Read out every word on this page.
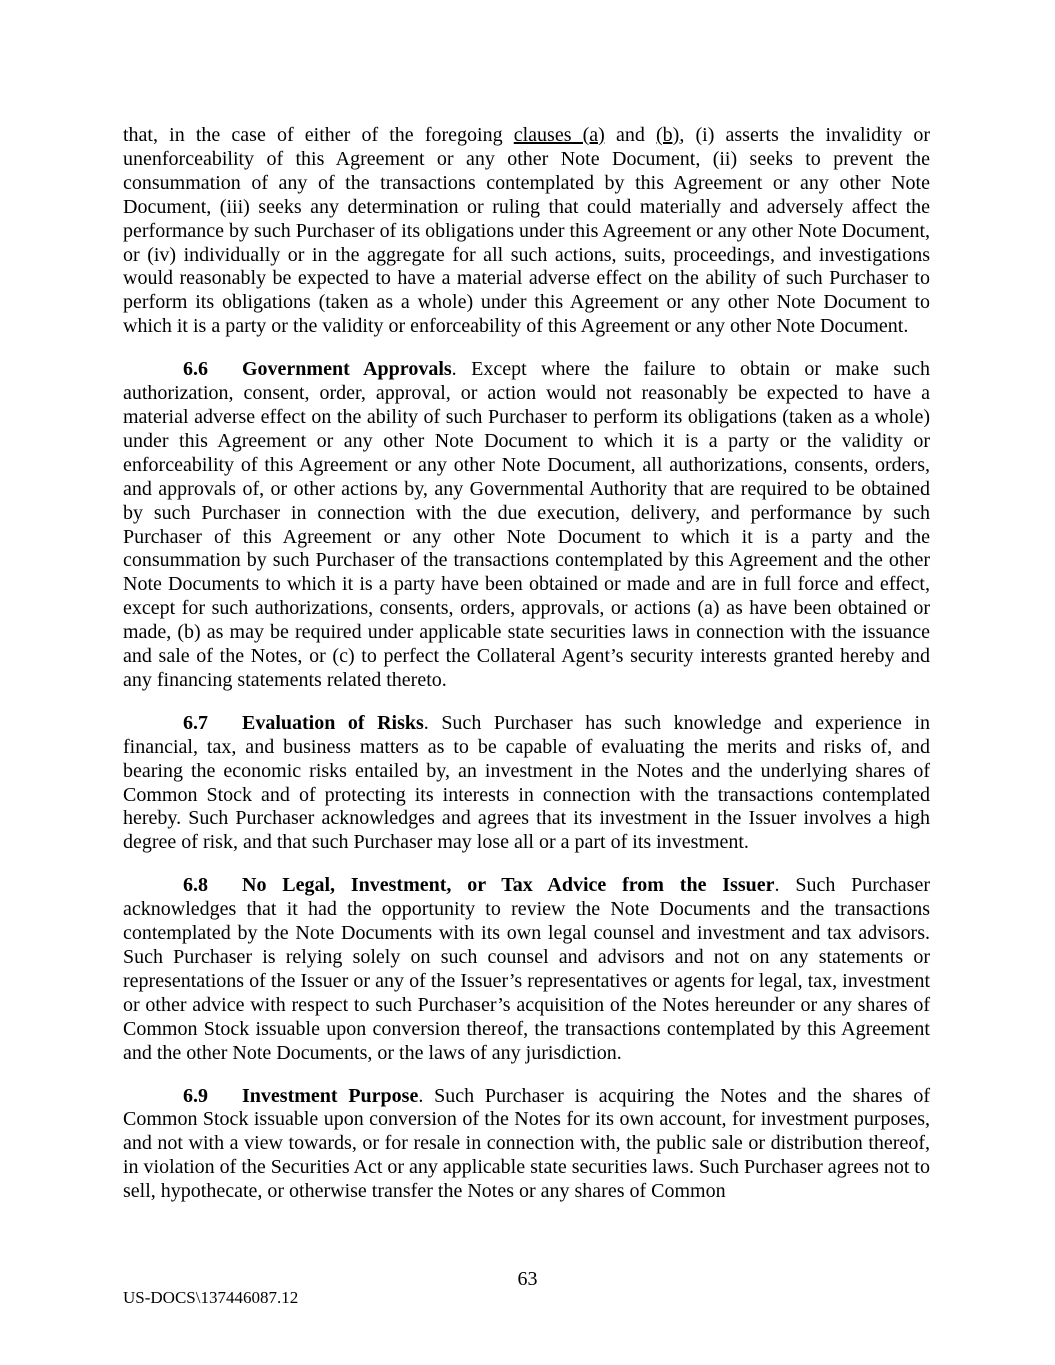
that, in the case of either of the foregoing clauses (a) and (b), (i) asserts the invalidity or unenforceability of this Agreement or any other Note Document, (ii) seeks to prevent the consummation of any of the transactions contemplated by this Agreement or any other Note Document, (iii) seeks any determination or ruling that could materially and adversely affect the performance by such Purchaser of its obligations under this Agreement or any other Note Document, or (iv) individually or in the aggregate for all such actions, suits, proceedings, and investigations would reasonably be expected to have a material adverse effect on the ability of such Purchaser to perform its obligations (taken as a whole) under this Agreement or any other Note Document to which it is a party or the validity or enforceability of this Agreement or any other Note Document.

6.6 Government Approvals. Except where the failure to obtain or make such authorization, consent, order, approval, or action would not reasonably be expected to have a material adverse effect on the ability of such Purchaser to perform its obligations (taken as a whole) under this Agreement or any other Note Document to which it is a party or the validity or enforceability of this Agreement or any other Note Document, all authorizations, consents, orders, and approvals of, or other actions by, any Governmental Authority that are required to be obtained by such Purchaser in connection with the due execution, delivery, and performance by such Purchaser of this Agreement or any other Note Document to which it is a party and the consummation by such Purchaser of the transactions contemplated by this Agreement and the other Note Documents to which it is a party have been obtained or made and are in full force and effect, except for such authorizations, consents, orders, approvals, or actions (a) as have been obtained or made, (b) as may be required under applicable state securities laws in connection with the issuance and sale of the Notes, or (c) to perfect the Collateral Agent’s security interests granted hereby and any financing statements related thereto.

6.7 Evaluation of Risks. Such Purchaser has such knowledge and experience in financial, tax, and business matters as to be capable of evaluating the merits and risks of, and bearing the economic risks entailed by, an investment in the Notes and the underlying shares of Common Stock and of protecting its interests in connection with the transactions contemplated hereby. Such Purchaser acknowledges and agrees that its investment in the Issuer involves a high degree of risk, and that such Purchaser may lose all or a part of its investment.

6.8 No Legal, Investment, or Tax Advice from the Issuer. Such Purchaser acknowledges that it had the opportunity to review the Note Documents and the transactions contemplated by the Note Documents with its own legal counsel and investment and tax advisors. Such Purchaser is relying solely on such counsel and advisors and not on any statements or representations of the Issuer or any of the Issuer’s representatives or agents for legal, tax, investment or other advice with respect to such Purchaser’s acquisition of the Notes hereunder or any shares of Common Stock issuable upon conversion thereof, the transactions contemplated by this Agreement and the other Note Documents, or the laws of any jurisdiction.

6.9 Investment Purpose. Such Purchaser is acquiring the Notes and the shares of Common Stock issuable upon conversion of the Notes for its own account, for investment purposes, and not with a view towards, or for resale in connection with, the public sale or distribution thereof, in violation of the Securities Act or any applicable state securities laws. Such Purchaser agrees not to sell, hypothecate, or otherwise transfer the Notes or any shares of Common

63
US-DOCS\137446087.12
